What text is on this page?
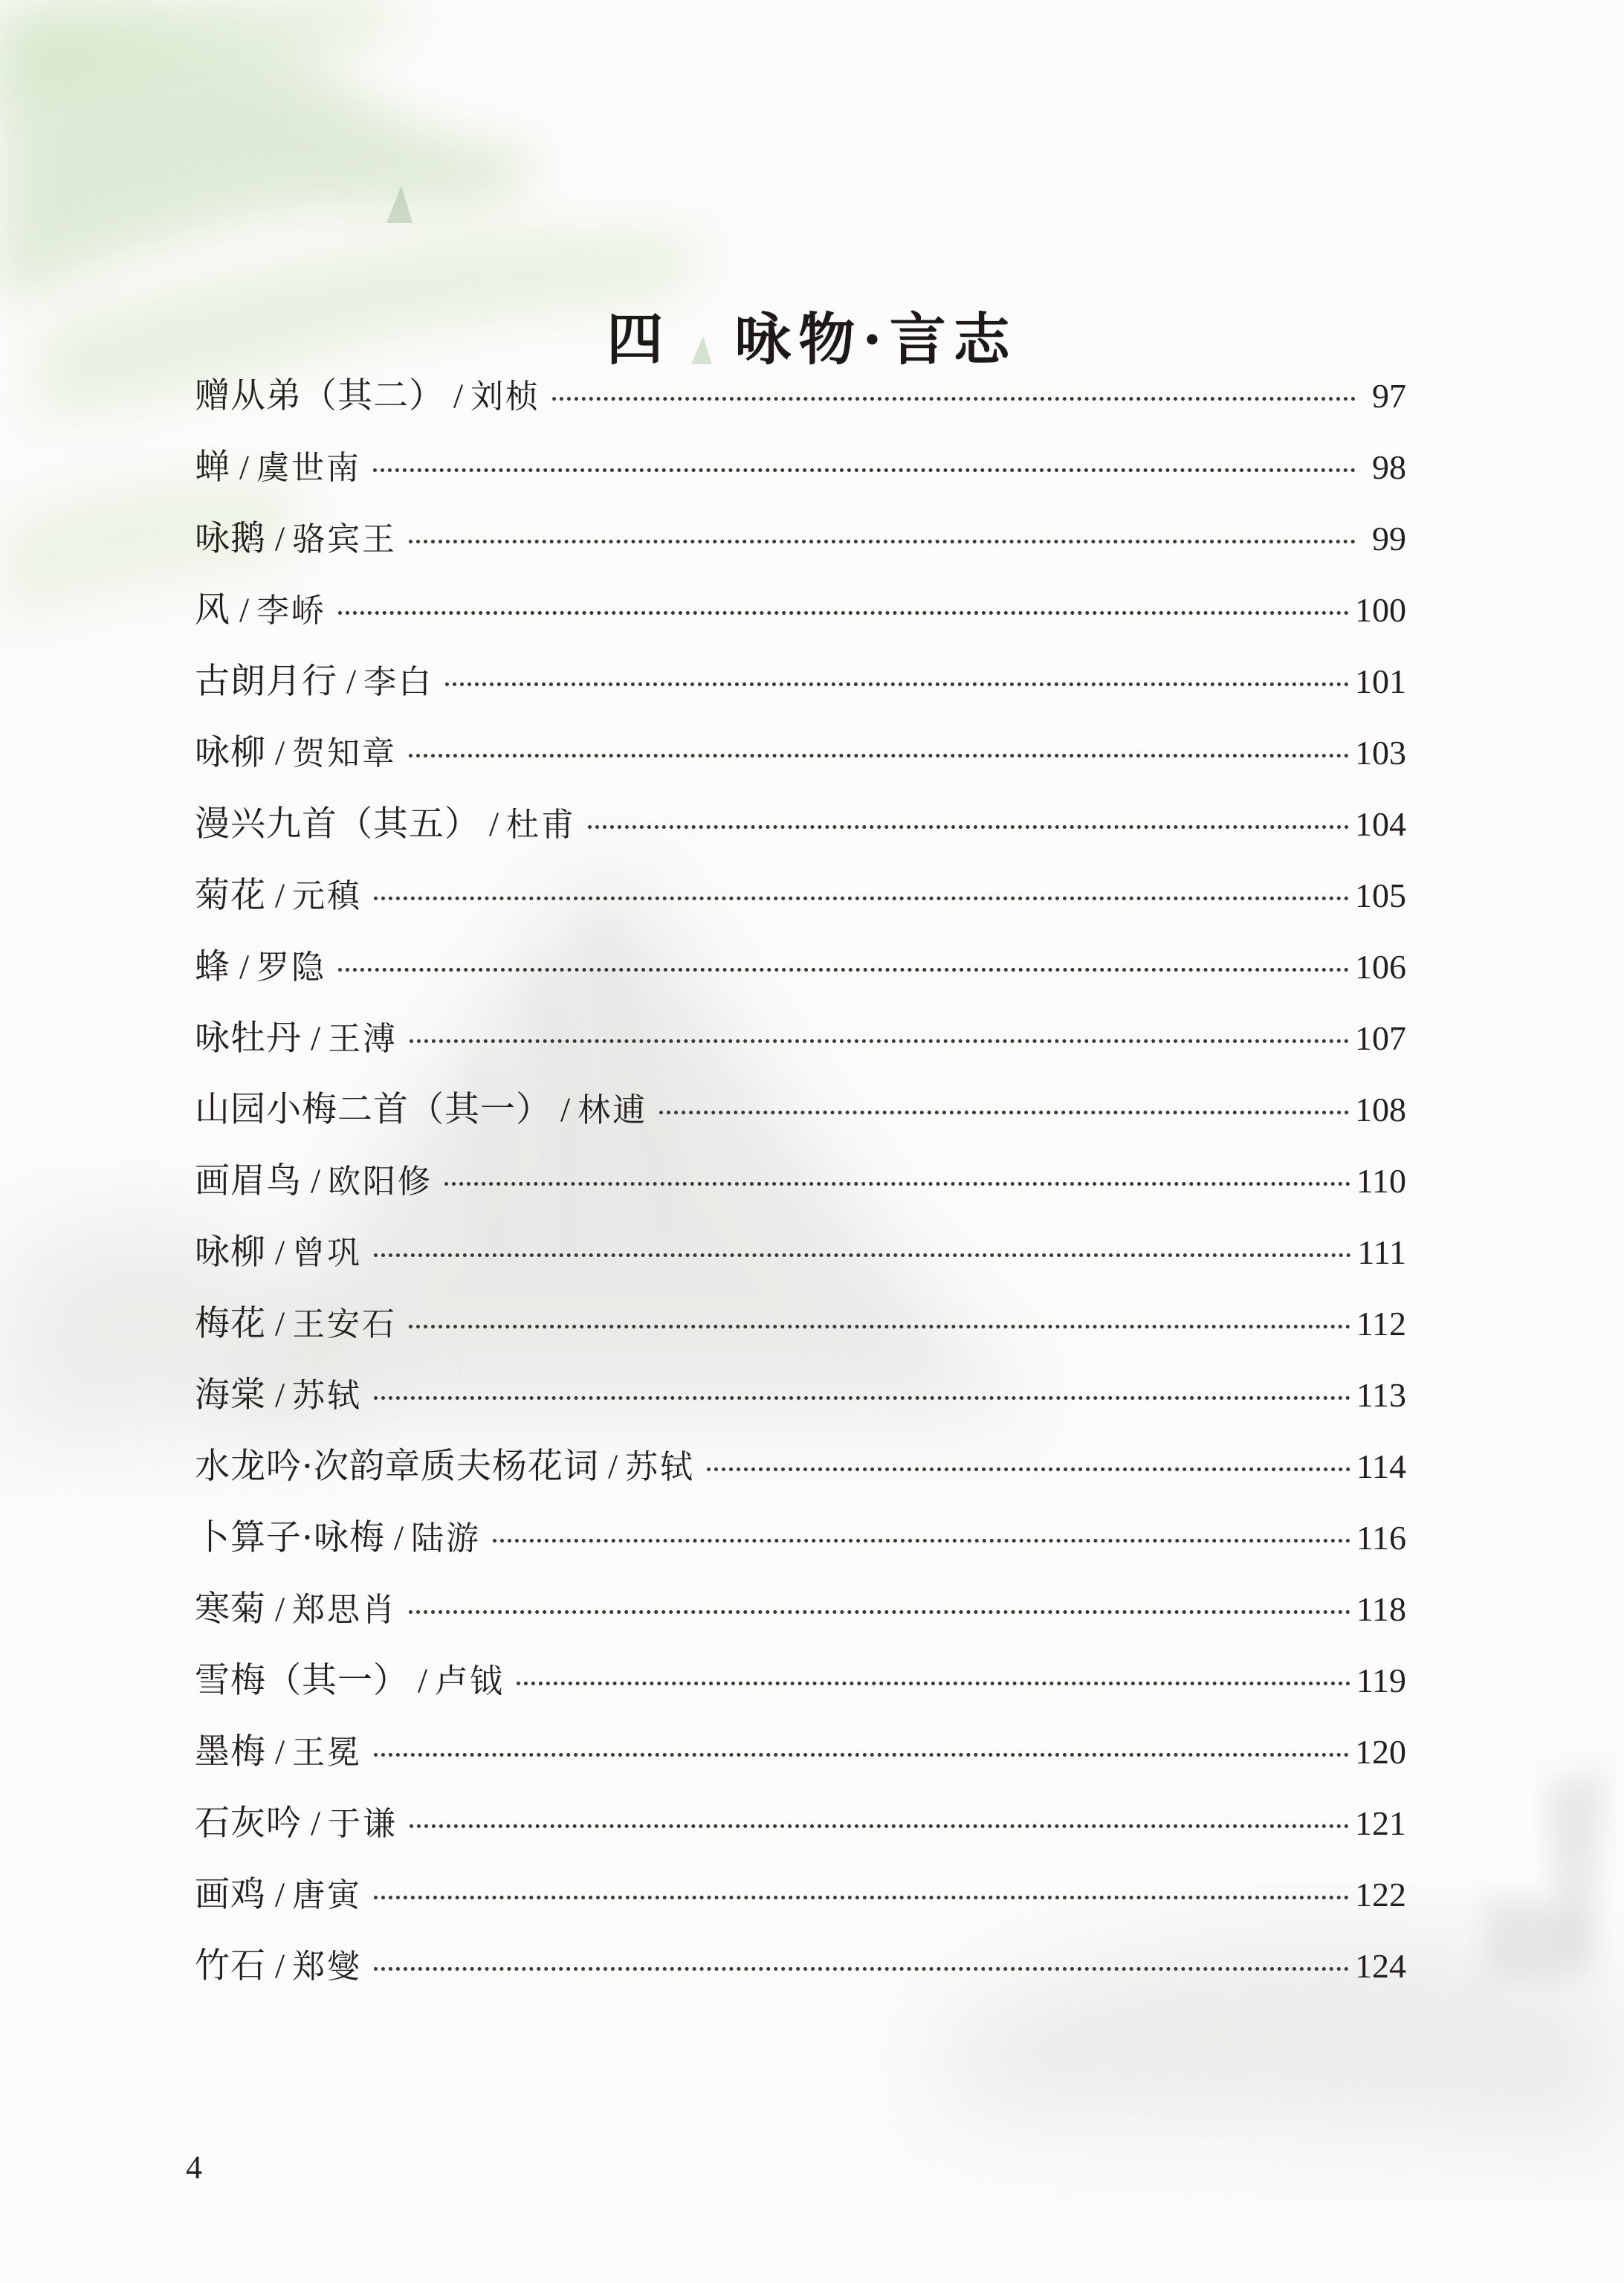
四　咏物·言志
赠从弟（其二） / 刘桢	97
蝉 / 虞世南	98
咏鹅 / 骆宾王	99
风 / 李峤	100
古朗月行 / 李白	101
咏柳 / 贺知章	103
漫兴九首（其五） / 杜甫	104
菊花 / 元稹	105
蜂 / 罗隐	106
咏牡丹 / 王溥	107
山园小梅二首（其一） / 林逋	108
画眉鸟 / 欧阳修	110
咏柳 / 曾巩	111
梅花 / 王安石	112
海棠 / 苏轼	113
水龙吟·次韵章质夫杨花词 / 苏轼	114
卜算子·咏梅 / 陆游	116
寒菊 / 郑思肖	118
雪梅（其一） / 卢钺	119
墨梅 / 王冕	120
石灰吟 / 于谦	121
画鸡 / 唐寅	122
竹石 / 郑燮	124
4
